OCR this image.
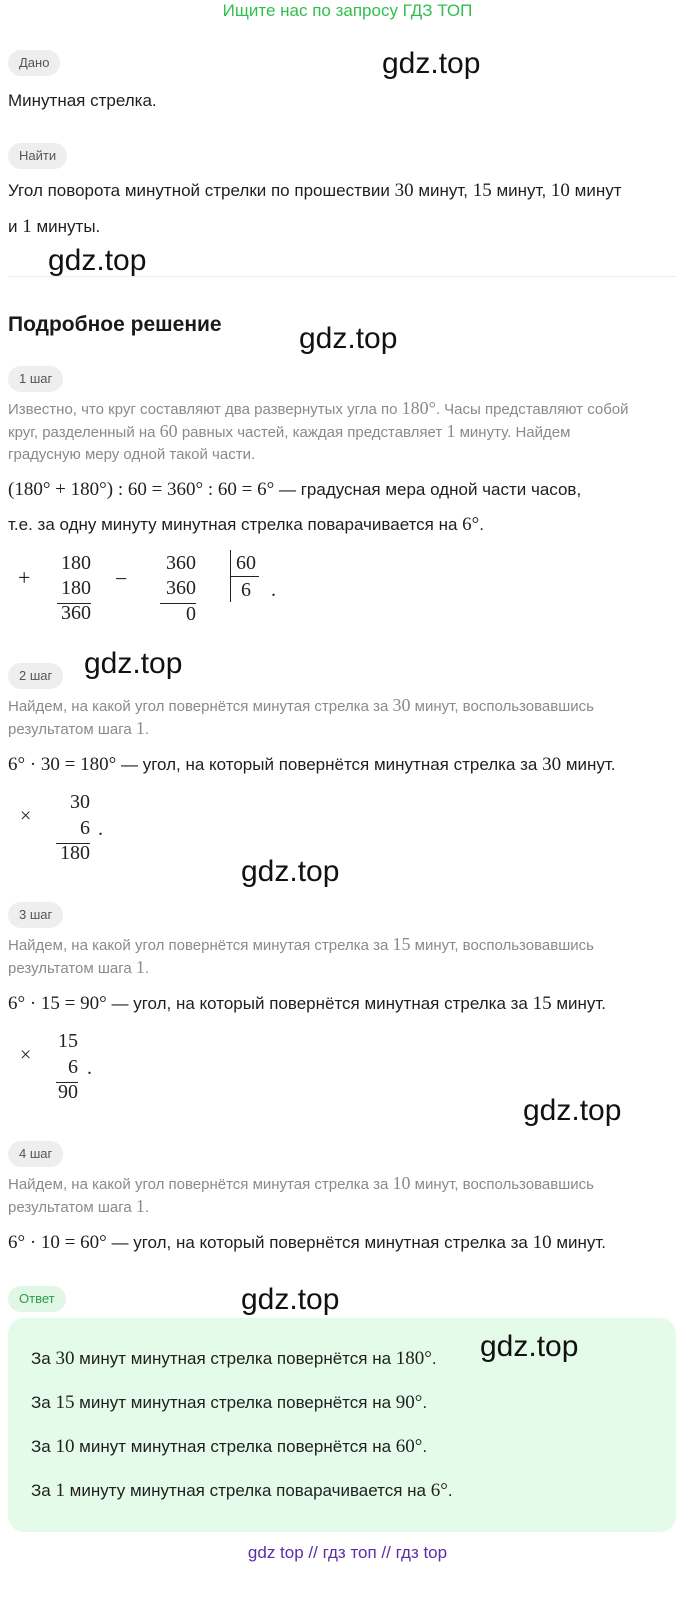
Ищите нас по запросу ГДЗ ТОП
Дано
Минутная стрелка.
Найти
Угол поворота минутной стрелки по прошествии 30 минут, 15 минут, 10 минут
и 1 минуты.
Подробное решение
1 шаг
Известно, что круг составляют два развернутых угла по 180°. Часы представляют собой
круг, разделенный на 60 равных частей, каждая представляет 1 минуту. Найдем
градусную меру одной такой части.
(180° + 180°) : 60 = 360° : 60 = 6° — градусная мера одной части часов,
т.е. за одну минуту минутная стрелка поварачивается на 6°.
+
180
180
360
−
360
360
0
60
6 .
2 шаг
Найдем, на какой угол повернётся минутая стрелка за 30 минут, воспользовавшись
результатом шага 1.
6° · 30 = 180° — угол, на который повернётся минутная стрелка за 30 минут.
×
30
6
180
.
3 шаг
Найдем, на какой угол повернётся минутая стрелка за 15 минут, воспользовавшись
результатом шага 1.
6° · 15 = 90° — угол, на который повернётся минутная стрелка за 15 минут.
×
15
6
90
.
4 шаг
Найдем, на какой угол повернётся минутая стрелка за 10 минут, воспользовавшись
результатом шага 1.
6° · 10 = 60° — угол, на который повернётся минутная стрелка за 10 минут.
Ответ
За 30 минут минутная стрелка повернётся на 180°.
За 15 минут минутная стрелка повернётся на 90°.
За 10 минут минутная стрелка повернётся на 60°.
За 1 минуту минутная стрелка поварачивается на 6°.
gdz top // гдз топ // гдз top
gdz.top
gdz.top
gdz.top
gdz.top
gdz.top
gdz.top
gdz.top
gdz.top
